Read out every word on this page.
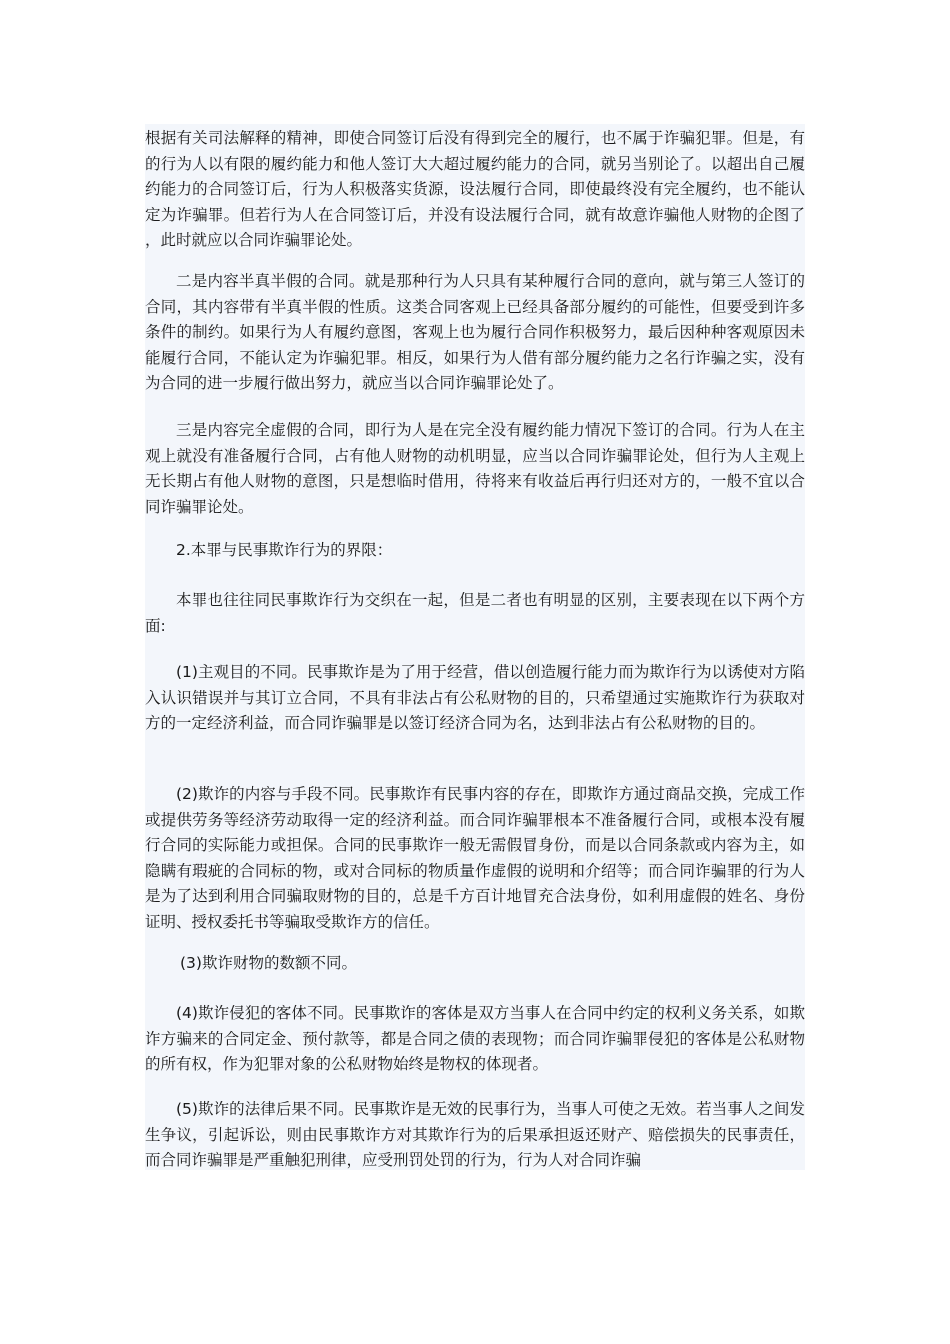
根据有关司法解释的精神，即使合同签订后没有得到完全的履行，也不属于诈骗犯罪。但是，有的行为人以有限的履约能力和他人签订大大超过履约能力的合同，就另当别论了。以超出自己履约能力的合同签订后，行为人积极落实货源，设法履行合同，即使最终没有完全履约，也不能认定为诈骗罪。但若行为人在合同签订后，并没有设法履行合同，就有故意诈骗他人财物的企图了，此时就应以合同诈骗罪论处。

二是内容半真半假的合同。就是那种行为人只具有某种履行合同的意向，就与第三人签订的合同，其内容带有半真半假的性质。这类合同客观上已经具备部分履约的可能性，但要受到许多条件的制约。如果行为人有履约意图，客观上也为履行合同作积极努力，最后因种种客观原因未能履行合同，不能认定为诈骗犯罪。相反，如果行为人借有部分履约能力之名行诈骗之实，没有为合同的进一步履行做出努力，就应当以合同诈骗罪论处了。

三是内容完全虚假的合同，即行为人是在完全没有履约能力情况下签订的合同。行为人在主观上就没有准备履行合同，占有他人财物的动机明显，应当以合同诈骗罪论处，但行为人主观上无长期占有他人财物的意图，只是想临时借用，待将来有收益后再行归还对方的，一般不宜以合同诈骗罪论处。

2.本罪与民事欺诈行为的界限：

本罪也往往同民事欺诈行为交织在一起，但是二者也有明显的区别，主要表现在以下两个方面:

(1)主观目的不同。民事欺诈是为了用于经营，借以创造履行能力而为欺诈行为以诱使对方陷入认识错误并与其订立合同，不具有非法占有公私财物的目的，只希望通过实施欺诈行为获取对方的一定经济利益，而合同诈骗罪是以签订经济合同为名，达到非法占有公私财物的目的。

(2)欺诈的内容与手段不同。民事欺诈有民事内容的存在，即欺诈方通过商品交换，完成工作或提供劳务等经济劳动取得一定的经济利益。而合同诈骗罪根本不准备履行合同，或根本没有履行合同的实际能力或担保。合同的民事欺诈一般无需假冒身份，而是以合同条款或内容为主，如隐瞒有瑕疵的合同标的物，或对合同标的物质量作虚假的说明和介绍等；而合同诈骗罪的行为人是为了达到利用合同骗取财物的目的，总是千方百计地冒充合法身份，如利用虚假的姓名、身份证明、授权委托书等骗取受欺诈方的信任。

(3)欺诈财物的数额不同。

(4)欺诈侵犯的客体不同。民事欺诈的客体是双方当事人在合同中约定的权利义务关系，如欺诈方骗来的合同定金、预付款等，都是合同之债的表现物；而合同诈骗罪侵犯的客体是公私财物的所有权，作为犯罪对象的公私财物始终是物权的体现者。

(5)欺诈的法律后果不同。民事欺诈是无效的民事行为，当事人可使之无效。若当事人之间发生争议，引起诉讼，则由民事欺诈方对其欺诈行为的后果承担返还财产、赔偿损失的民事责任，而合同诈骗罪是严重触犯刑律，应受刑罚处罚的行为，行为人对合同诈骗
